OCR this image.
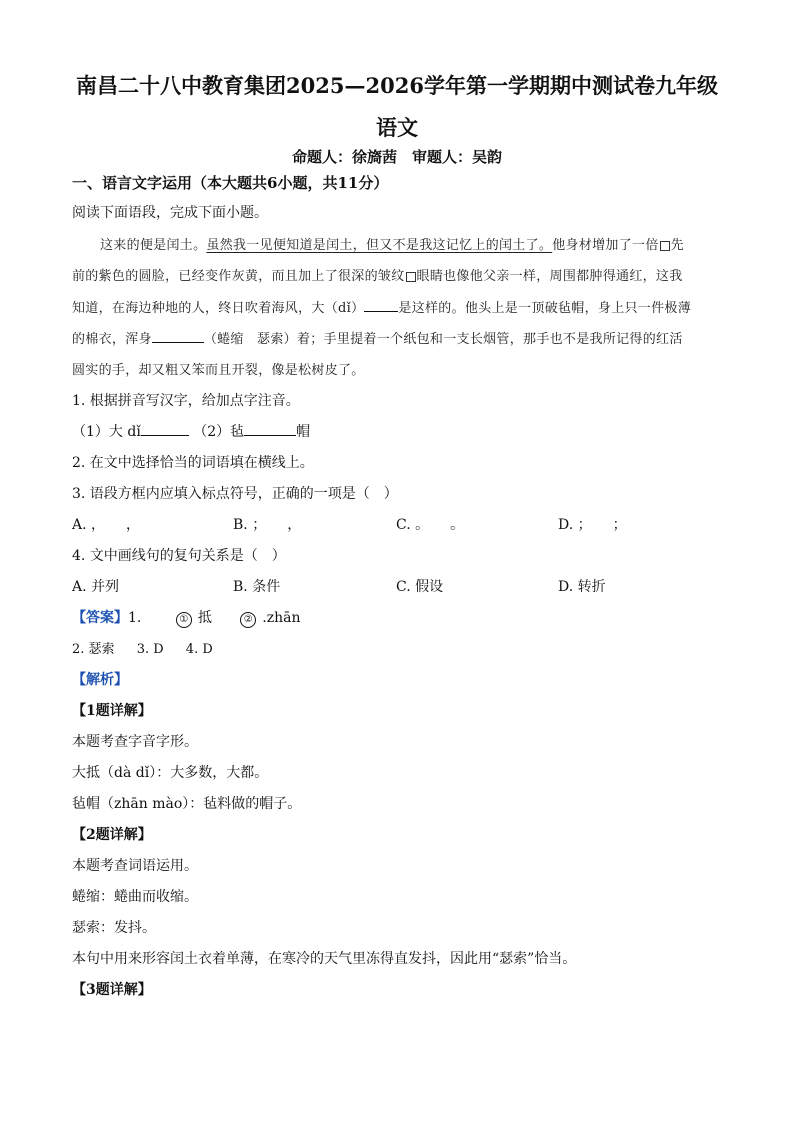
南昌二十八中教育集团2025—2026学年第一学期期中测试卷九年级
语文
命题人：徐旖茜　审题人：吴韵
一、语言文字运用（本大题共6小题，共11分）
阅读下面语段，完成下面小题。
这来的便是闰土。虽然我一见便知道是闰土，但又不是我这记忆上的闰土了。他身材增加了一倍 先
前的紫色的圆脸，已经变作灰黄，而且加上了很深的皱纹 眼睛也像他父亲一样，周围都肿得通红，这我
知道，在海边种地的人，终日吹着海风，大（dǐ）	是这样的。他头上是一顶破毡帽，身上只一件极薄
的棉衣，浑身	（蜷缩　瑟索）着；手里提着一个纸包和一支长烟管，那手也不是我所记得的红活
圆实的手，却又粗又笨而且开裂，像是松树皮了。
1. 根据拼音写汉字，给加点字注音。
（1）大 dǐ	（2）毡	帽
2. 在文中选择恰当的词语填在横线上。
3. 语段方框内应填入标点符号，正确的一项是（　）
A. ，　　，	B. ；　　，	C. 。　　。	D. ；　　；
4. 文中画线句的复句关系是（　）
A. 并列	B. 条件	C. 假设	D. 转折
【答案】1.	① 抵	② .zhān
2. 瑟索 3. D 4. D
【解析】
【1题详解】
本题考查字音字形。
大抵（dà dǐ）：大多数，大都。
毡帽（zhān mào）：毡料做的帽子。
【2题详解】
本题考查词语运用。
蜷缩：蜷曲而收缩。
瑟索：发抖。
本句中用来形容闰土衣着单薄，在寒冷的天气里冻得直发抖，因此用“瑟索”恰当。
【3题详解】
